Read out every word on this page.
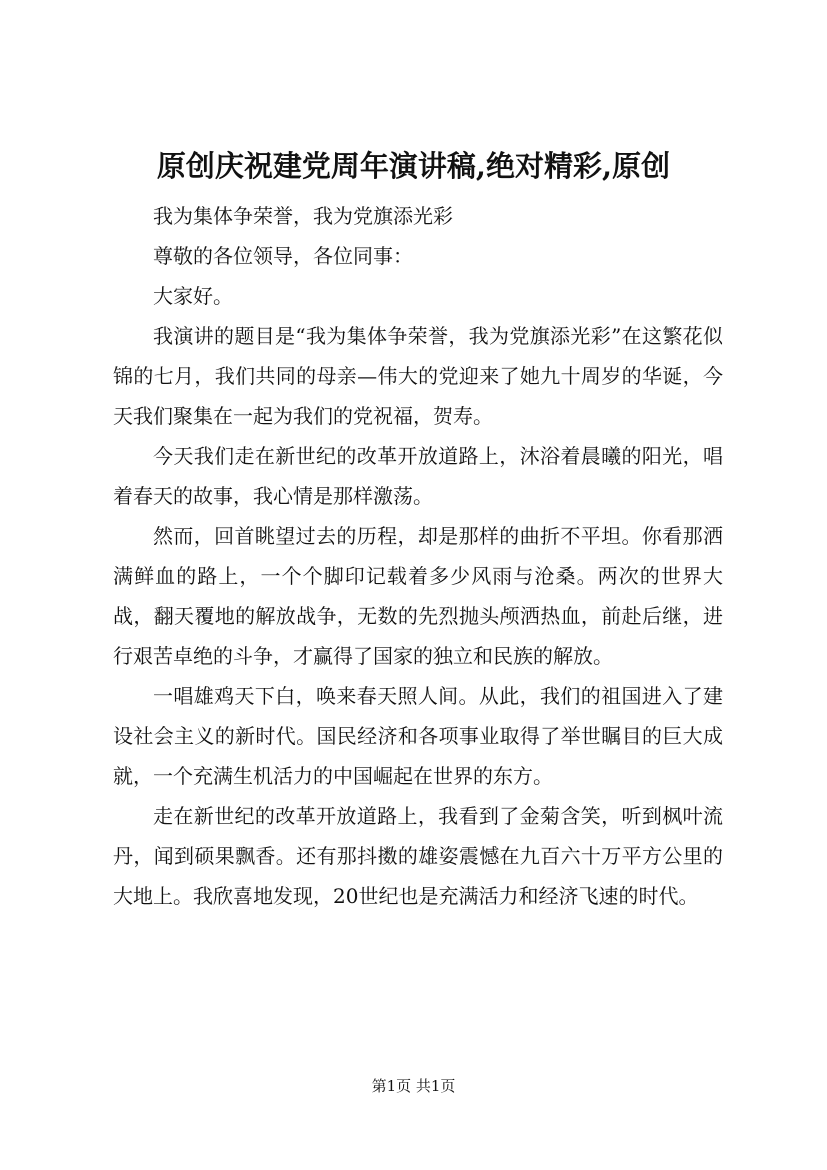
原创庆祝建党周年演讲稿,绝对精彩,原创

我为集体争荣誉，我为党旗添光彩

尊敬的各位领导，各位同事：

大家好。

我演讲的题目是“我为集体争荣誉，我为党旗添光彩”在这繁花似锦的七月，我们共同的母亲—伟大的党迎来了她九十周岁的华诞，今天我们聚集在一起为我们的党祝福，贺寿。

今天我们走在新世纪的改革开放道路上，沐浴着晨曦的阳光，唱着春天的故事，我心情是那样激荡。

然而，回首眺望过去的历程，却是那样的曲折不平坦。你看那洒满鲜血的路上，一个个脚印记载着多少风雨与沧桑。两次的世界大战，翻天覆地的解放战争，无数的先烈抛头颅洒热血，前赴后继，进行艰苦卓绝的斗争，才赢得了国家的独立和民族的解放。

一唱雄鸡天下白，唤来春天照人间。从此，我们的祖国进入了建设社会主义的新时代。国民经济和各项事业取得了举世瞩目的巨大成就，一个充满生机活力的中国崛起在世界的东方。

走在新世纪的改革开放道路上，我看到了金菊含笑，听到枫叶流丹，闻到硕果飘香。还有那抖擞的雄姿震憾在九百六十万平方公里的大地上。我欣喜地发现，20世纪也是充满活力和经济飞速的时代。

第1页 共1页
